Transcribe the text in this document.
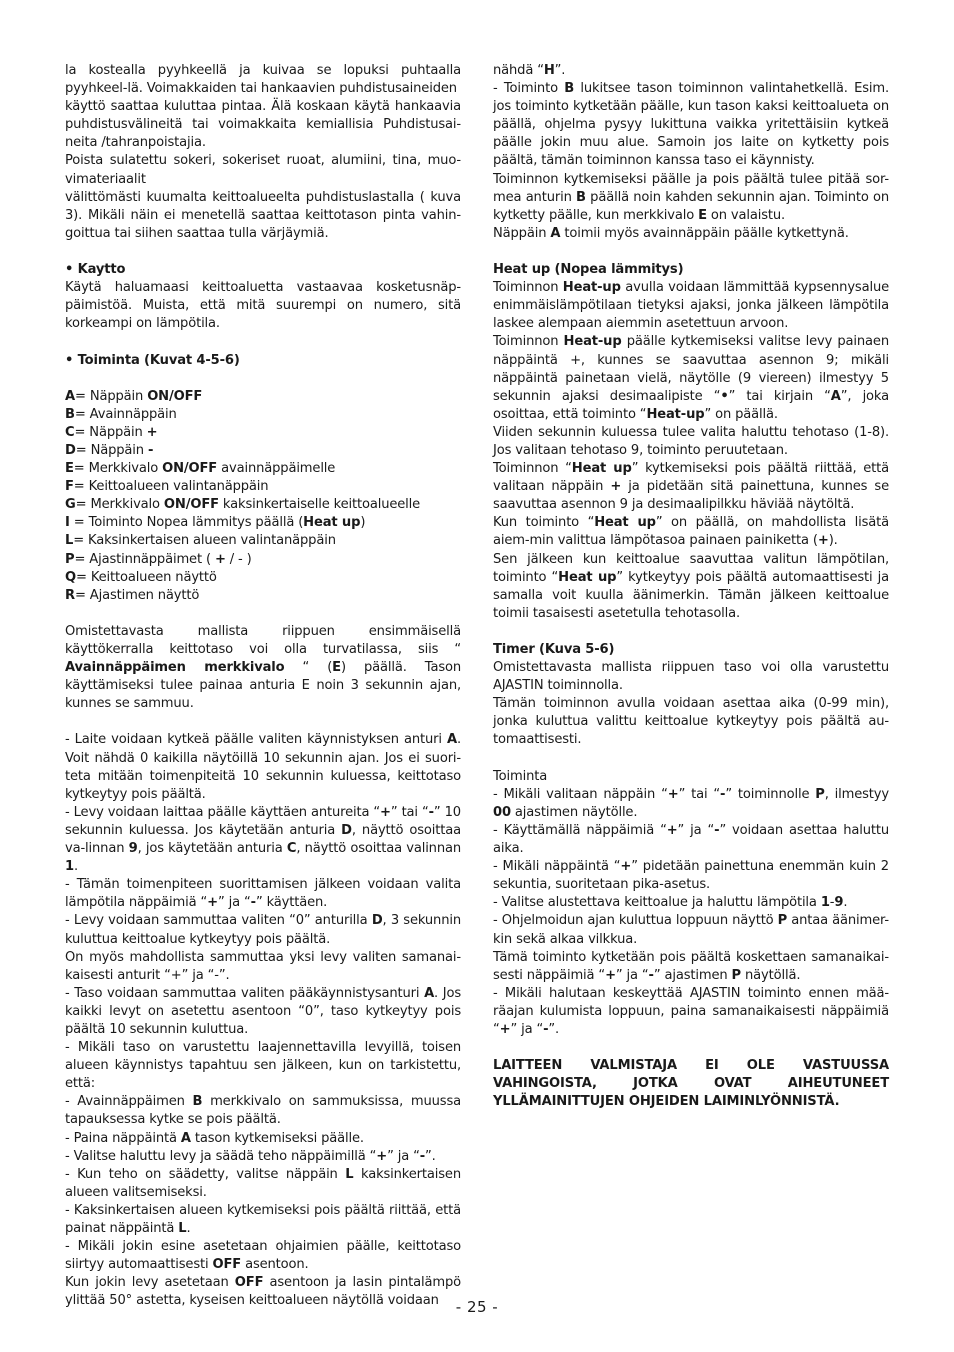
la kostealla pyyhkeellä ja kuivaa se lopuksi puhtaalla pyyhkeel-lä. Voimakkaiden tai hankaavien puhdistusaineiden

käyttö saattaa kuluttaa pintaa. Älä koskaan käytä hankaavia puhdistusvälineitä tai voimakkaita kemiallisia Puhdistusai-neita /tahranpoistajia.

Poista sulatettu sokeri, sokeriset ruoat, alumiini, tina, muo-vimateriaalit

välittömästi kuumalta keittoalueelta puhdistuslastalla ( kuva 3). Mikäli näin ei menetellä saattaa keittotason pinta vahin-goittua tai siihen saattaa tulla värjäymiä.

• Kaytto

Käytä haluamaasi keittoaluetta vastaavaa kosketusnäp-päimistöä. Muista, että mitä suurempi on numero, sitä korkeampi on lämpötila.

• Toiminta (Kuvat 4-5-6)

A= Näppäin ON/OFF

B= Avainnäppäin

C= Näppäin +

D= Näppäin -

E= Merkkivalo ON/OFF avainnäppäimelle

F= Keittoalueen valintanäppäin

G= Merkkivalo ON/OFF kaksinkertaiselle keittoalueelle

I = Toiminto Nopea lämmitys päällä (Heat up)

L= Kaksinkertaisen alueen valintanäppäin

P= Ajastinnäppäimet ( + / - )

Q= Keittoalueen näyttö

R= Ajastimen näyttö

Omistettavasta mallista riippuen ensimmäisellä käyttökerralla keittotaso voi olla turvatilassa, siis “ Avainnäppäimen merkkivalo “ (E) päällä. Tason käyttämiseksi tulee painaa anturia E noin 3 sekunnin ajan, kunnes se sammuu.

- Laite voidaan kytkeä päälle valiten käynnistyksen anturi A. Voit nähdä 0 kaikilla näytöillä 10 sekunnin ajan. Jos ei suori-teta mitään toimenpiteitä 10 sekunnin kuluessa, keittotaso kytkeytyy pois päältä.

- Levy voidaan laittaa päälle käyttäen antureita “+” tai “-” 10 sekunnin kuluessa. Jos käytetään anturia D, näyttö osoittaa va-linnan 9, jos käytetään anturia C, näyttö osoittaa valinnan 1.

- Tämän toimenpiteen suorittamisen jälkeen voidaan valita lämpötila näppäimiä “+” ja “-” käyttäen.

- Levy voidaan sammuttaa valiten “0” anturilla D, 3 sekunnin kuluttua keittoalue kytkeytyy pois päältä.

On myös mahdollista sammuttaa yksi levy valiten samanai-kaisesti anturit “+” ja “-”.

- Taso voidaan sammuttaa valiten pääkäynnistysanturi A. Jos kaikki levyt on asetettu asentoon “0”, taso kytkeytyy pois päältä 10 sekunnin kuluttua.

- Mikäli taso on varustettu laajennettavilla levyillä, toisen alueen käynnistys tapahtuu sen jälkeen, kun on tarkistettu, että:

- Avainnäppäimen B merkkivalo on sammuksissa, muussa tapauksessa kytke se pois päältä.

- Paina näppäintä A tason kytkemiseksi päälle.

- Valitse haluttu levy ja säädä teho näppäimillä “+” ja “-”.

- Kun teho on säädetty, valitse näppäin L kaksinkertaisen alueen valitsemiseksi.

- Kaksinkertaisen alueen kytkemiseksi pois päältä riittää, että painat näppäintä L.

- Mikäli jokin esine asetetaan ohjaimien päälle, keittotaso siirtyy automaattisesti OFF asentoon.

Kun jokin levy asetetaan OFF asentoon ja lasin pintalämpö ylittää 50° astetta, kyseisen keittoalueen näytöllä voidaan

nähdä “H”.

- Toiminto B lukitsee tason toiminnon valintahetkellä. Esim. jos toiminto kytketään päälle, kun tason kaksi keittoalueta on päällä, ohjelma pysyy lukittuna vaikka yritettäisiin kytkeä päälle jokin muu alue. Samoin jos laite on kytketty pois päältä, tämän toiminnon kanssa taso ei käynnisty.

Toiminnon kytkemiseksi päälle ja pois päältä tulee pitää sor-mea anturin B päällä noin kahden sekunnin ajan. Toiminto on kytketty päälle, kun merkkivalo E on valaistu.

Näppäin A toimii myös avainnäppäin päälle kytkettynä.

Heat up (Nopea lämmitys)

Toiminnon Heat-up avulla voidaan lämmittää kypsennysalue enimmäislämpötilaan tietyksi ajaksi, jonka jälkeen lämpötila laskee alempaan aiemmin asetettuun arvoon.

Toiminnon Heat-up päälle kytkemiseksi valitse levy painaen näppäintä +, kunnes se saavuttaa asennon 9; mikäli näppäintä painetaan vielä, näytölle (9 viereen) ilmestyy 5 sekunnin ajaksi desimaalipiste “•” tai kirjain “A”, joka osoittaa, että toiminto “Heat-up” on päällä.

Viiden sekunnin kuluessa tulee valita haluttu tehotaso (1-8). Jos valitaan tehotaso 9, toiminto peruutetaan.

Toiminnon “Heat up” kytkemiseksi pois päältä riittää, että valitaan näppäin + ja pidetään sitä painettuna, kunnes se saavuttaa asennon 9 ja desimaalipilkku häviää näytöltä.

Kun toiminto “Heat up” on päällä, on mahdollista lisätä aiem-min valittua lämpötasoa painaen painiketta (+).

Sen jälkeen kun keittoalue saavuttaa valitun lämpötilan, toiminto “Heat up” kytkeytyy pois päältä automaattisesti ja samalla voit kuulla äänimerkin. Tämän jälkeen keittoalue toimii tasaisesti asetetulla tehotasolla.

Timer (Kuva 5-6)

Omistettavasta mallista riippuen taso voi olla varustettu AJASTIN toiminnolla.

Tämän toiminnon avulla voidaan asettaa aika (0-99 min), jonka kuluttua valittu keittoalue kytkeytyy pois päältä au-tomaattisesti.

Toiminta

- Mikäli valitaan näppäin “+” tai “-” toiminnolle P, ilmestyy 00 ajastimen näytölle.

- Käyttämällä näppäimiä “+” ja “-” voidaan asettaa haluttu aika.

- Mikäli näppäintä “+” pidetään painettuna enemmän kuin 2 sekuntia, suoritetaan pika-asetus.

- Valitse alustettava keittoalue ja haluttu lämpötila 1-9.

- Ohjelmoidun ajan kuluttua loppuun näyttö P antaa äänimer-kin sekä alkaa vilkkua.

Tämä toiminto kytketään pois päältä koskettaen samanaikai-sesti näppäimiä “+” ja “-” ajastimen P näytöllä.

- Mikäli halutaan keskeyttää AJASTIN toiminto ennen mää-räajan kulumista loppuun, paina samanaikaisesti näppäimiä “+” ja “-”.

LAITTEEN VALMISTAJA EI OLE VASTUUSSA VAHINGOISTA, JOTKA OVAT AIHEUTUNEET YLLÄMAINITTUJEN OHJEIDEN LAIMINLYÖNNISTÄ.

- 25 -
